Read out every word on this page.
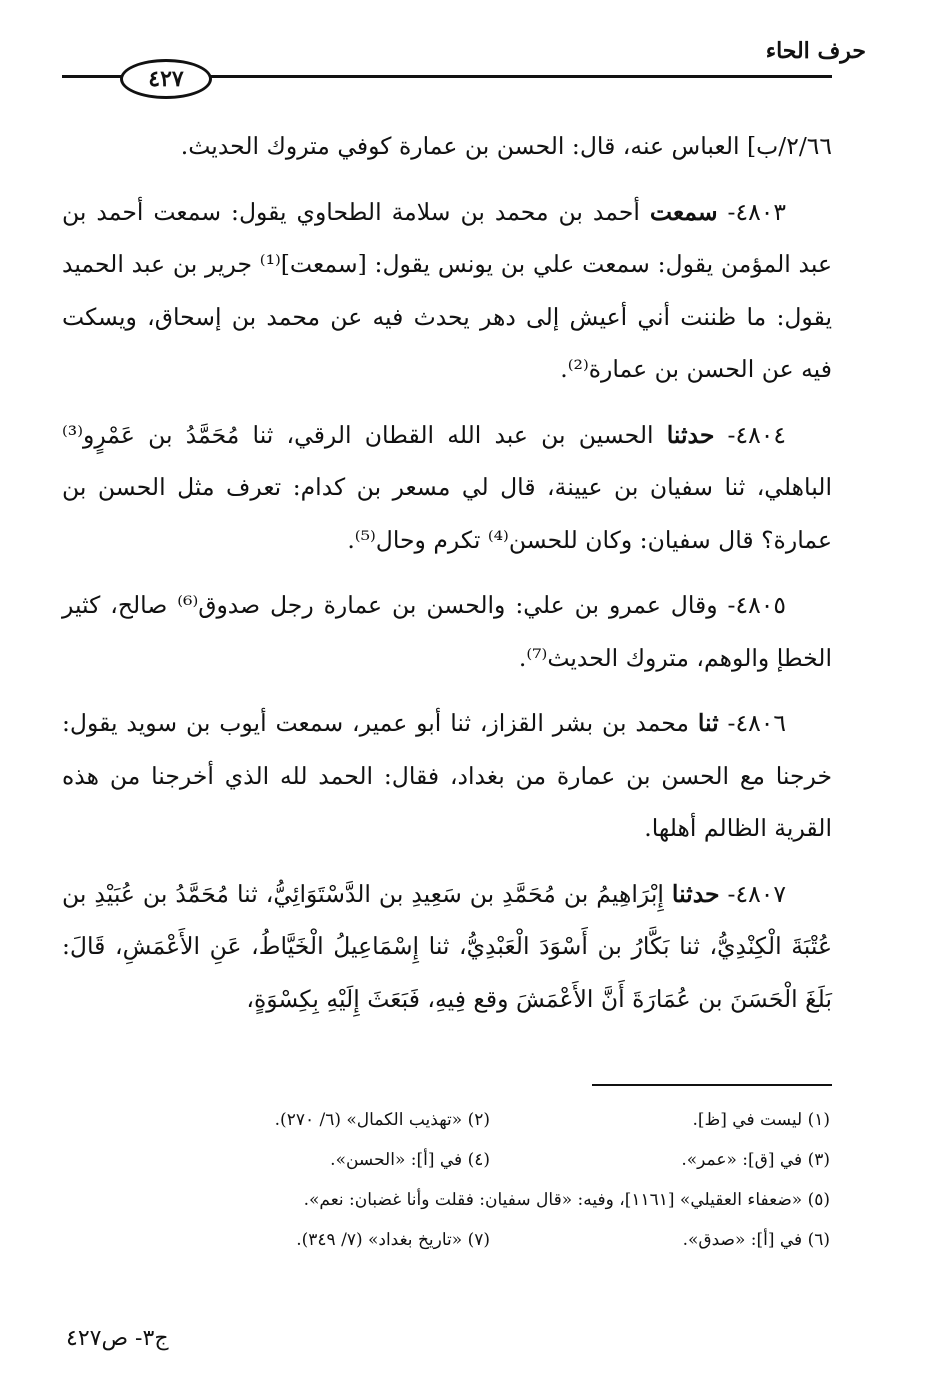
حرف الحاء
٤٢٧

٢/٦٦/ب] العباس عنه، قال: الحسن بن عمارة كوفي متروك الحديث.

٤٨٠٣- سمعت أحمد بن محمد بن سلامة الطحاوي يقول: سمعت أحمد بن عبد المؤمن يقول: سمعت علي بن يونس يقول: [سمعت]⁽¹⁾ جرير بن عبد الحميد يقول: ما ظننت أني أعيش إلى دهر يحدث فيه عن محمد بن إسحاق، ويسكت فيه عن الحسن بن عمارة⁽²⁾.

٤٨٠٤- حدثنا الحسين بن عبد الله القطان الرقي، ثنا مُحَمَّدُ بن عَمْرٍو⁽³⁾ الباهلي، ثنا سفيان بن عيينة، قال لي مسعر بن كدام: تعرف مثل الحسن بن عمارة؟ قال سفيان: وكان للحسن⁽⁴⁾ تكرم وحال⁽⁵⁾.

٤٨٠٥- وقال عمرو بن علي: والحسن بن عمارة رجل صدوق⁽⁶⁾ صالح، كثير الخطإ والوهم، متروك الحديث⁽⁷⁾.

٤٨٠٦- ثنا محمد بن بشر القزاز، ثنا أبو عمير، سمعت أيوب بن سويد يقول: خرجنا مع الحسن بن عمارة من بغداد، فقال: الحمد لله الذي أخرجنا من هذه القرية الظالم أهلها.

٤٨٠٧- حدثنا إِبْرَاهِيمُ بن مُحَمَّدِ بن سَعِيدِ بن الدَّسْتَوَائِيُّ، ثنا مُحَمَّدُ بن عُبَيْدِ بن عُتْبَةَ الْكِنْدِيُّ، ثنا بَكَّارُ بن أَسْوَدَ الْعَبْدِيُّ، ثنا إِسْمَاعِيلُ الْخَيَّاطُ، عَنِ الأَعْمَشِ، قَالَ: بَلَغَ الْحَسَنَ بن عُمَارَةَ أَنَّ الأَعْمَشَ وقع فِيهِ، فَبَعَثَ إِلَيْهِ بِكِسْوَةٍ،

(١) ليست في [ظ].
(٢) «تهذيب الكمال» (٦/ ٢٧٠).
(٣) في [ق]: «عمر».
(٤) في [أ]: «الحسن».
(٥) «ضعفاء العقيلي» [١١٦١]، وفيه: «قال سفيان: فقلت وأنا غضبان: نعم».
(٦) في [أ]: «صدق».
(٧) «تاريخ بغداد» (٧/ ٣٤٩).
ج٣- ص٤٢٧
